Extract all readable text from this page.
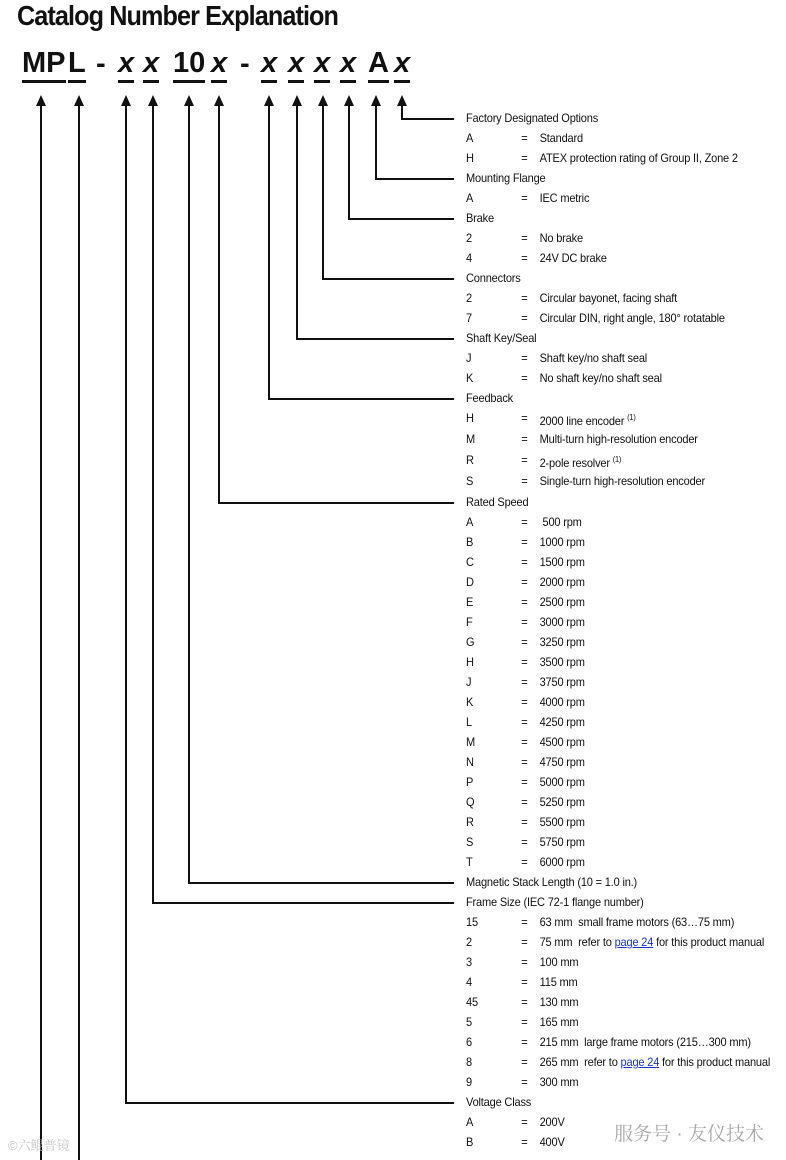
Catalog Number Explanation
MP L - x x 10 x - x x x x A x
Factory Designated Options
A	= Standard
H	= ATEX protection rating of Group II, Zone 2
Mounting Flange
A	= IEC metric
Brake
2	= No brake
4	= 24V DC brake
Connectors
2	= Circular bayonet, facing shaft
7	= Circular DIN, right angle, 180° rotatable
Shaft Key/Seal
J	= Shaft key/no shaft seal
K	= No shaft key/no shaft seal
Feedback
H	= 2000 line encoder $^{(1)}$
M	= Multi-turn high-resolution encoder
R	= 2-pole resolver $^{(1)}$
S	= Single-turn high-resolution encoder
Rated Speed
A	= 500 rpm
B	= 1000 rpm
C	= 1500 rpm
D	= 2000 rpm
E	= 2500 rpm
F	= 3000 rpm
G	= 3250 rpm
H	= 3500 rpm
J	= 3750 rpm
K	= 4000 rpm
L	= 4250 rpm
M	= 4500 rpm
N	= 4750 rpm
P	= 5000 rpm
Q	= 5250 rpm
R	= 5500 rpm
S	= 5750 rpm
T	= 6000 rpm
Magnetic Stack Length (10 = 1.0 in.)
Frame Size (IEC 72-1 flange number)
15	= 63 mm  small frame motors (63…75 mm)
2	= 75 mm  refer to page 24 for this product manual
3	= 100 mm
4	= 115 mm
45	= 130 mm
5	= 165 mm
6	= 215 mm  large frame motors (215…300 mm)
8	= 265 mm  refer to page 24 for this product manual
9	= 300 mm
Voltage Class
A	= 200V
B	= 400V	服务号 · 友仪技术
©六鲲普镜
